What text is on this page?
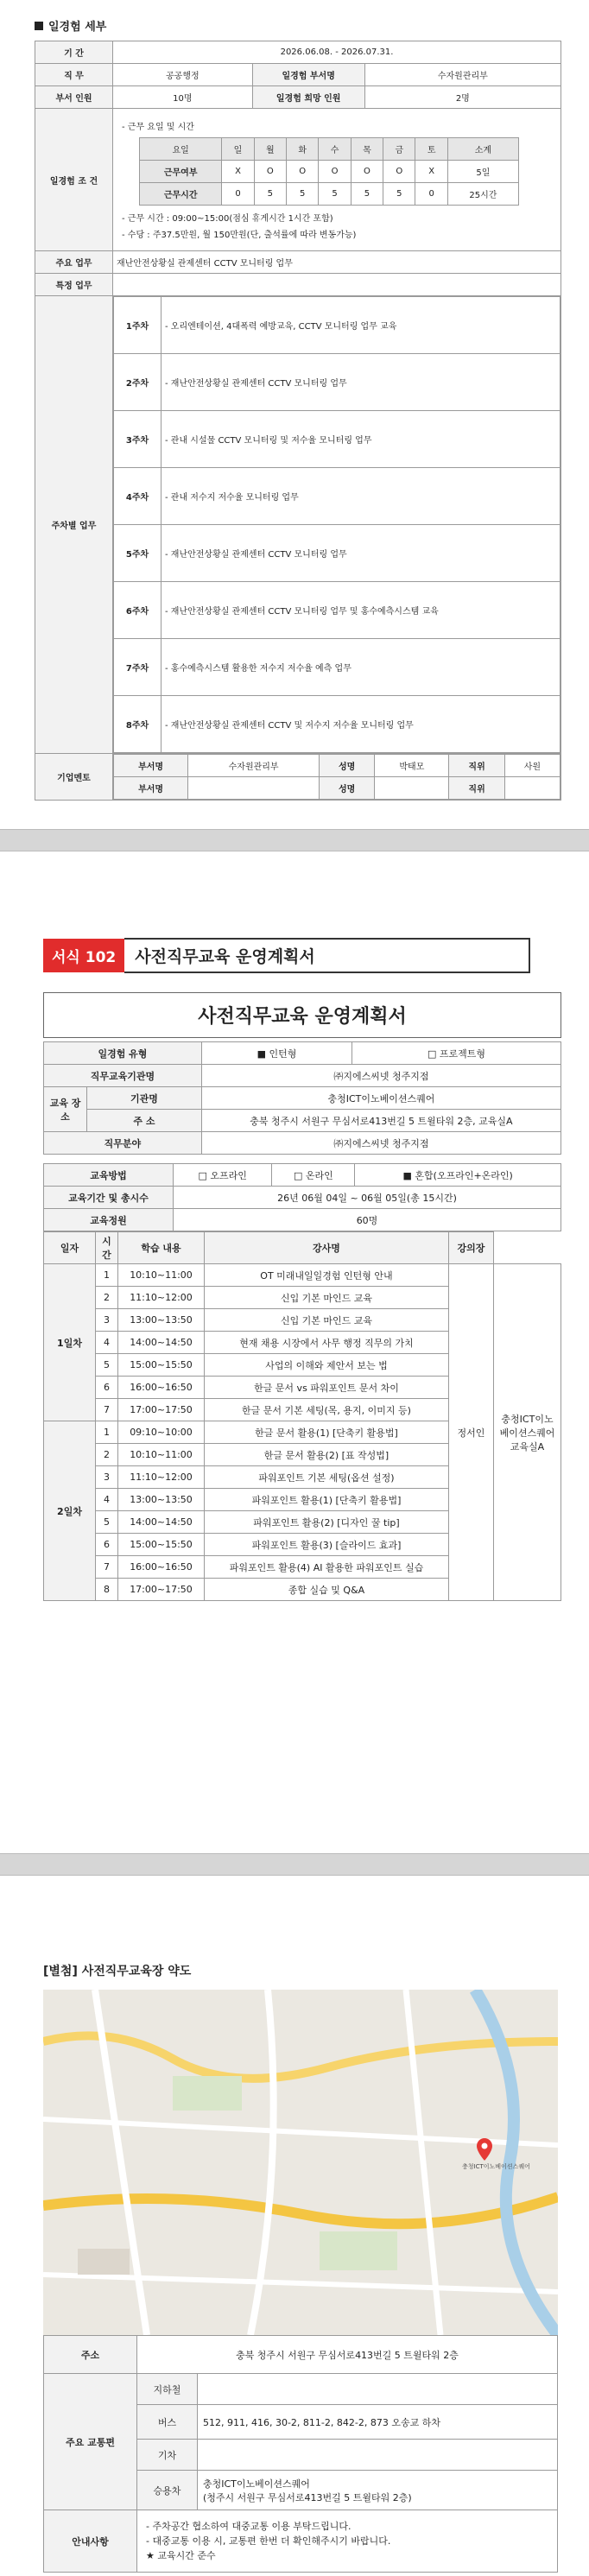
일경험 세부
기 간	2026.06.08. - 2026.07.31.
직 무	공공행정	일경험 부서명	수자원관리부
부서 인원	10명	일경험 희망 인원	2명
일경험 조 건	
- 근무 요일 및 시간
요일	일	월	화	수	목	금	토	소계
근무여부	X	O	O	O	O	O	X	5일
근무시간	0	5	5	5	5	5	0	25시간
- 근무 시간 : 09:00~15:00(점심 휴게시간 1시간 포함)
- 수당 : 주37.5만원, 월 150만원(단, 출석률에 따라 변동가능)

주요 업무	재난안전상황실 관제센터 CCTV 모니터링 업무
특정 업무	
주차별 업무	
1주차	- 오리엔테이션, 4대폭력 예방교육, CCTV 모니터링 업무 교육
2주차	- 재난안전상황실 관제센터 CCTV 모니터링 업무
3주차	- 관내 시설물 CCTV 모니터링 및 저수율 모니터링 업무
4주차	- 관내 저수지 저수율 모니터링 업무
5주차	- 재난안전상황실 관제센터 CCTV 모니터링 업무
6주차	- 재난안전상황실 관제센터 CCTV 모니터링 업무 및 홍수예측시스템 교육
7주차	- 홍수예측시스템 활용한 저수지 저수율 예측 업무
8주차	- 재난안전상황실 관제센터 CCTV 및 저수지 저수율 모니터링 업무

기업멘토	
부서명	수자원관리부	성명	박태모	직위	사원
부서명		성명		직위	
서식 102	사전직무교육 운영계획서
사전직무교육 운영계획서
일경험 유형		■ 인턴형	□ 프로젝트형
직무교육기관명		㈜지에스씨넷 청주지점	
교육 장소	기관명	충청ICT이노베이션스퀘어	
	주 소	충북 청주시 서원구 무심서로413번길 5 트윌타워 2층, 교육실A	
직무분야		㈜지에스씨넷 청주지점	
교육방법	□ 오프라인	□ 온라인	■ 혼합(오프라인+온라인)
교육기간 및 총시수	26년 06월 04일 ~ 06월 05일(총 15시간)		
교육정원	60명		
일자	시간	학습 내용	강사명	강의장	
1일차	1	10:10~11:00	OT 미래내일일경험 인턴형 안내	정서인	충청ICT이노베이션스퀘어 교육실A
	2	11:10~12:00	신입 기본 마인드 교육		
	3	13:00~13:50	신입 기본 마인드 교육		
	4	14:00~14:50	현재 채용 시장에서 사무 행정 직무의 가치		
	5	15:00~15:50	사업의 이해와 제안서 보는 법		
	6	16:00~16:50	한글 문서 vs 파워포인트 문서 차이		
	7	17:00~17:50	한글 문서 기본 세팅(목, 용지, 이미지 등)		
2일차	1	09:10~10:00	한글 문서 활용(1) [단축키 활용법]		
	2	10:10~11:00	한글 문서 활용(2) [표 작성법]		
	3	11:10~12:00	파워포인트 기본 세팅(옵션 설정)		
	4	13:00~13:50	파워포인트 활용(1) [단축키 활용법]		
	5	14:00~14:50	파워포인트 활용(2) [디자인 꿀 tip]		
	6	15:00~15:50	파워포인트 활용(3) [슬라이드 효과]		
	7	16:00~16:50	파워포인트 활용(4) AI 활용한 파워포인트 실습		
	8	17:00~17:50	종합 실습 및 Q&A		
[별첨] 사전직무교육장 약도
충청ICT이노베이션스퀘어
주소	충북 청주시 서원구 무심서로413번길 5 트윌타워 2층	
주요 교통편	지하철	
	버스	512, 911, 416, 30-2, 811-2, 842-2, 873 오송교 하차
	기차	
	승용차	충청ICT이노베이션스퀘어
(청주시 서원구 무심서로413번길 5 트윌타워 2층)

안내사항	- 주차공간 협소하여 대중교통 이용 부탁드립니다.
- 대중교통 이용 시, 교통편 한번 더 확인해주시기 바랍니다.
★ 교육시간 준수	
